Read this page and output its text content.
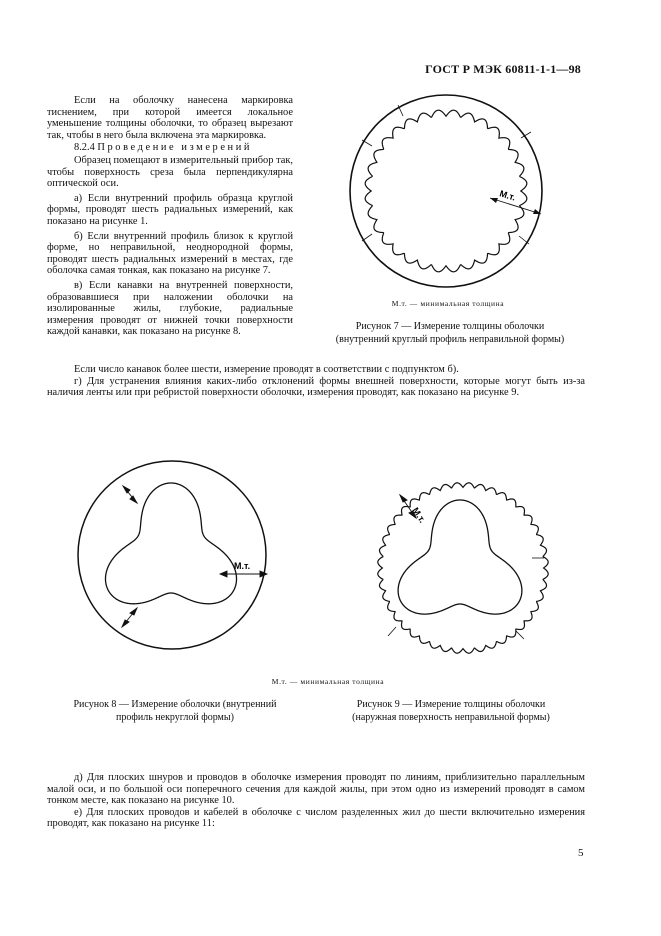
ГОСТ Р МЭК 60811-1-1—98

Если на оболочку нанесена маркировка тиснением, при которой имеется локальное уменьшение толщины оболочки, то образец вырезают так, чтобы в него была включена эта маркировка.

8.2.4 Проведение измерений

Образец помещают в измерительный прибор так, чтобы поверхность среза была перпендикулярна оптической оси.

а) Если внутренний профиль образца круглой формы, проводят шесть радиальных измерений, как показано на рисунке 1.

б) Если внутренний профиль близок к круглой форме, но неправильной, неоднородной формы, проводят шесть радиальных измерений в местах, где оболочка самая тонкая, как показано на рисунке 7.

в) Если канавки на внутренней поверхности, образовавшиеся при наложении оболочки на изолированные жилы, глубокие, радиальные измерения проводят от нижней точки поверхности каждой канавки, как показано на рисунке 8.

М.т.
М.т. — минимальная толщина
Рисунок 7 — Измерение толщины оболочки
(внутренний круглый профиль неправильной формы)

Если число канавок более шести, измерение проводят в соответствии с подпунктом б).

г) Для устранения влияния каких-либо отклонений формы внешней поверхности, которые могут быть из-за наличия ленты или при ребристой поверхности оболочки, измерения проводят, как показано на рисунке 9.

М.т.
Рисунок 8 — Измерение оболочки (внутренний
профиль некруглой формы)
М.т.
М.т. — минимальная толщина
Рисунок 9 — Измерение толщины оболочки
(наружная поверхность неправильной формы)

д) Для плоских шнуров и проводов в оболочке измерения проводят по линиям, приблизительно параллельным малой оси, и по большой оси поперечного сечения для каждой жилы, при этом одно из измерений проводят в самом тонком месте, как показано на рисунке 10.

е) Для плоских проводов и кабелей в оболочке с числом разделенных жил до шести включительно измерения проводят, как показано на рисунке 11:

5
